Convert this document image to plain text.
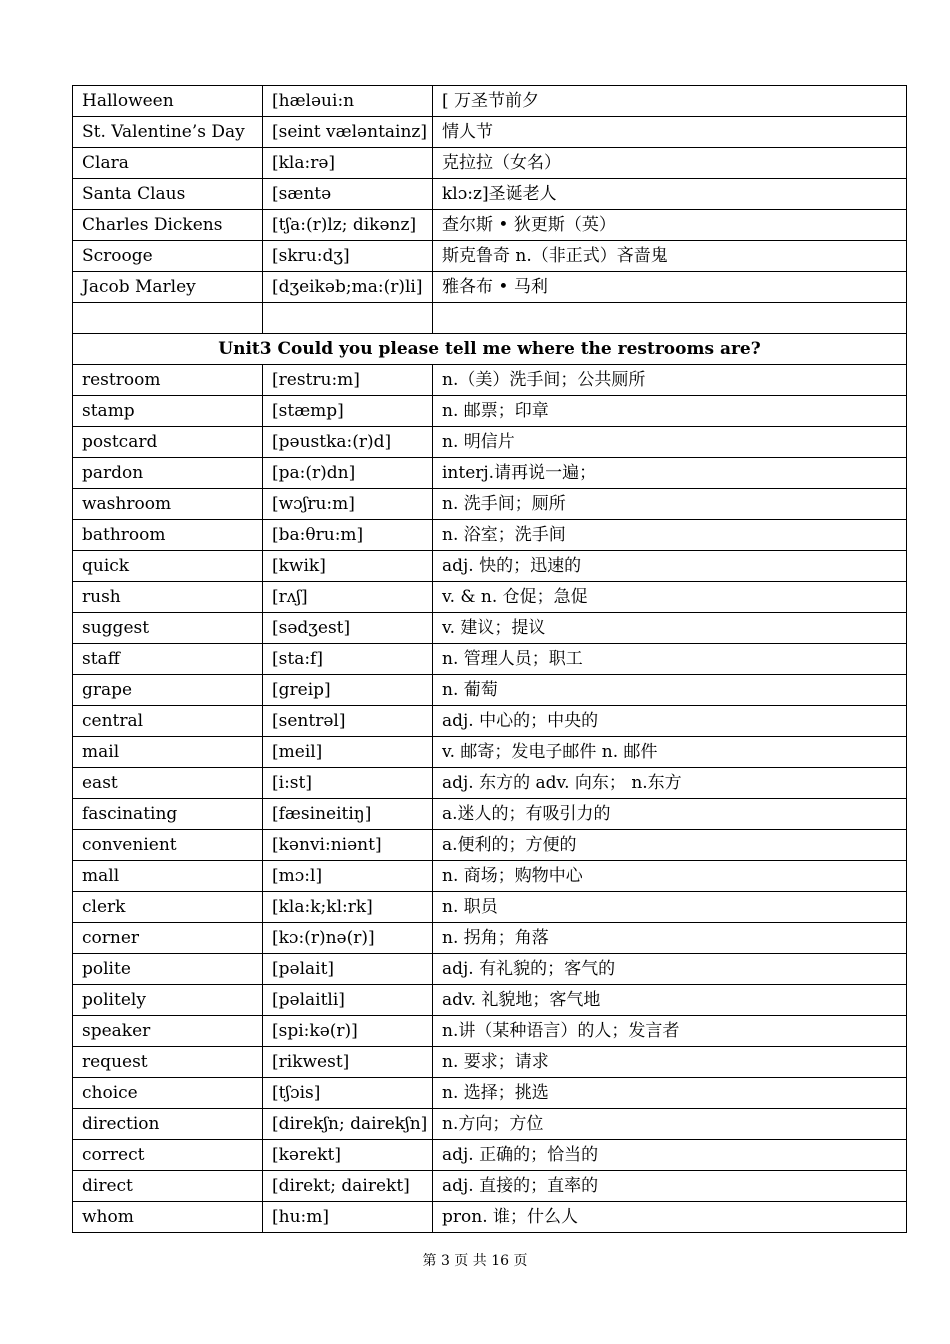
Halloween	[hæləui:n	[ 万圣节前夕
St. Valentine’s Day	[seint væləntainz]	情人节
Clara	[kla:rə]	克拉拉（女名）
Santa Claus	[sæntə	klɔ:z]圣诞老人
Charles Dickens	[tʃa:(r)lz; dikənz]	查尔斯 • 狄更斯（英）
Scrooge	[skru:dʒ]	斯克鲁奇 n.（非正式）吝啬鬼
Jacob Marley	[dʒeikəb;ma:(r)li]	雅各布 • 马利

Unit3 Could you please tell me where the restrooms are?		
restroom	[restru:m]	n.（美）洗手间；公共厕所
stamp	[stæmp]	n. 邮票；印章
postcard	[pəustka:(r)d]	n. 明信片
pardon	[pa:(r)dn]	interj.请再说一遍；
washroom	[wɔʃru:m]	n. 洗手间；厕所
bathroom	[ba:θru:m]	n. 浴室；洗手间
quick	[kwik]	adj. 快的；迅速的
rush	[rʌʃ]	v. & n. 仓促；急促
suggest	[sədʒest]	v. 建议；提议
staff	[sta:f]	n. 管理人员；职工
grape	[greip]	n. 葡萄
central	[sentrəl]	adj. 中心的；中央的
mail	[meil]	v. 邮寄；发电子邮件 n. 邮件
east	[i:st]	adj. 东方的 adv. 向东； n.东方
fascinating	[fæsineitiŋ]	a.迷人的；有吸引力的
convenient	[kənvi:niənt]	a.便利的；方便的
mall	[mɔ:l]	n. 商场；购物中心
clerk	[kla:k;kl:rk]	n. 职员
corner	[kɔ:(r)nə(r)]	n. 拐角；角落
polite	[pəlait]	adj. 有礼貌的；客气的
politely	[pəlaitli]	adv. 礼貌地；客气地
speaker	[spi:kə(r)]	n.讲（某种语言）的人；发言者
request	[rikwest]	n. 要求；请求
choice	[tʃɔis]	n. 选择；挑选
direction	[direkʃn; dairekʃn]	n.方向；方位
correct	[kərekt]	adj. 正确的；恰当的
direct	[direkt; dairekt]	adj. 直接的；直率的
whom	[hu:m]	pron. 谁；什么人
第 3 页 共 16 页
